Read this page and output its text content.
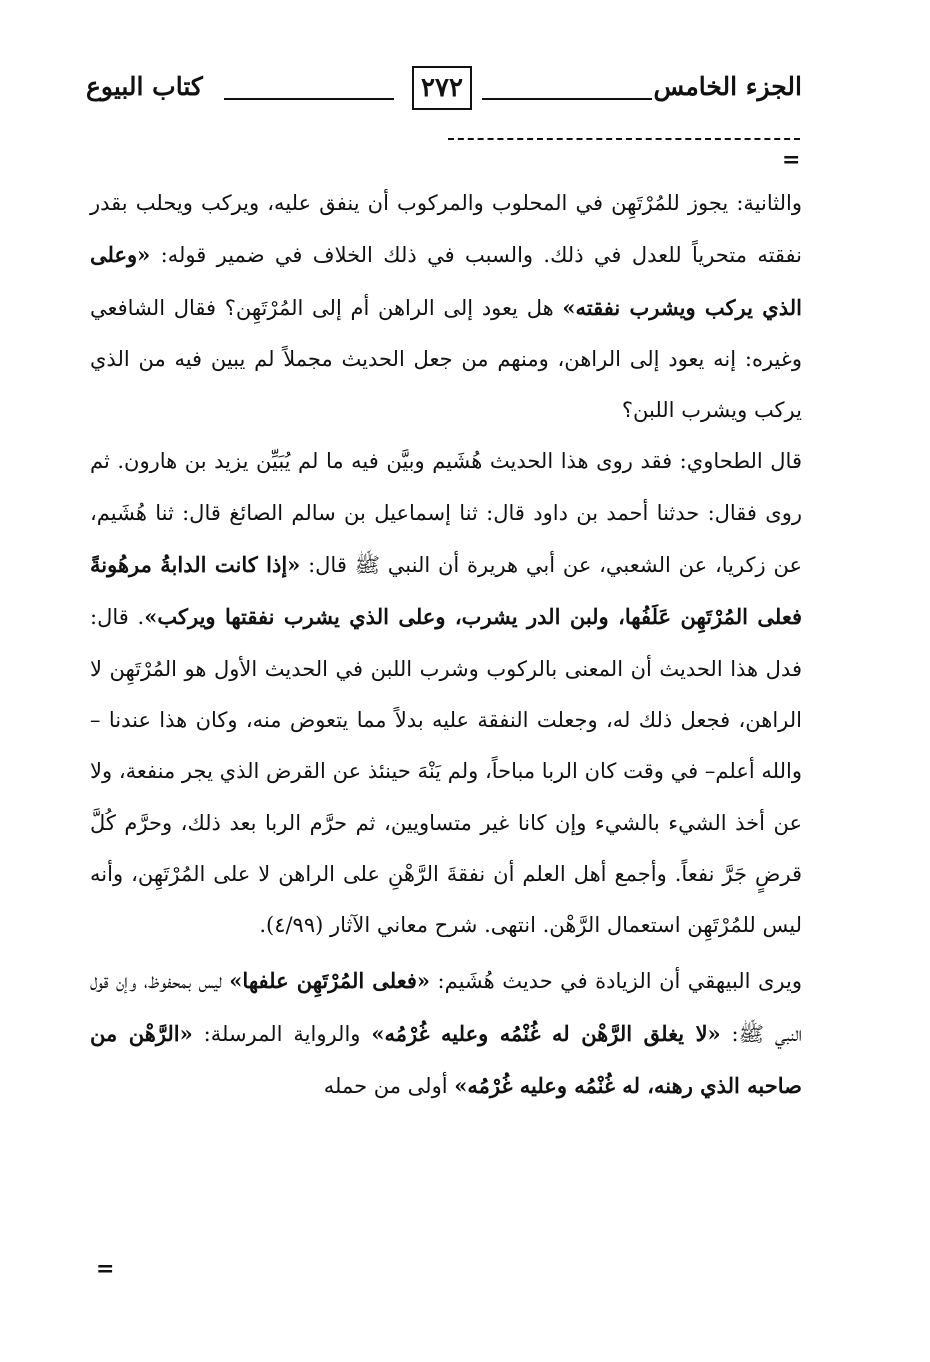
الجزء الخامس
٢٧٢
كتاب البيوع
=

والثانية: يجوز للمُرْتَهِن في المحلوب والمركوب أن ينفق عليه، ويركب ويحلب بقدر نفقته متحرياً للعدل في ذلك. والسبب في ذلك الخلاف في ضمير قوله: «وعلى الذي يركب ويشرب نفقته» هل يعود إلى الراهن أم إلى المُرْتَهِن؟ فقال الشافعي وغيره: إنه يعود إلى الراهن، ومنهم من جعل الحديث مجملاً لم يبين فيه من الذي يركب ويشرب اللبن؟

قال الطحاوي: فقد روى هذا الحديث هُشَيم وبيَّن فيه ما لم يُبَيِّن يزيد بن هارون. ثم روى فقال: حدثنا أحمد بن داود قال: ثنا إسماعيل بن سالم الصائغ قال: ثنا هُشَيم، عن زكريا، عن الشعبي، عن أبي هريرة أن النبي ﷺ قال: «إذا كانت الدابةُ مرهُونةً فعلى المُرْتَهِن عَلَفُها، ولبن الدر يشرب، وعلى الذي يشرب نفقتها ويركب». قال: فدل هذا الحديث أن المعنى بالركوب وشرب اللبن في الحديث الأول هو المُرْتَهِن لا الراهن، فجعل ذلك له، وجعلت النفقة عليه بدلاً مما يتعوض منه، وكان هذا عندنا – والله أعلم– في وقت كان الربا مباحاً، ولم يَنْهَ حينئذ عن القرض الذي يجر منفعة، ولا عن أخذ الشيء بالشيء وإن كانا غير متساويين، ثم حرَّم الربا بعد ذلك، وحرَّم كُلَّ قرضٍ جَرَّ نفعاً. وأجمع أهل العلم أن نفقةَ الرَّهْنِ على الراهن لا على المُرْتَهِن، وأنه ليس للمُرْتَهِن استعمال الرَّهْن. انتهى. شرح معاني الآثار (٤/٩٩).

ويرى البيهقي أن الزيادة في حديث هُشَيم: «فعلى المُرْتَهِن علفها» ليس بمحفوظ، وإن قول النبي ﷺ: «لا يغلق الرَّهْن له غُنْمُه وعليه غُرْمُه» والرواية المرسلة: «الرَّهْن من صاحبه الذي رهنه، له غُنْمُه وعليه غُرْمُه» أولى من حمله

=
